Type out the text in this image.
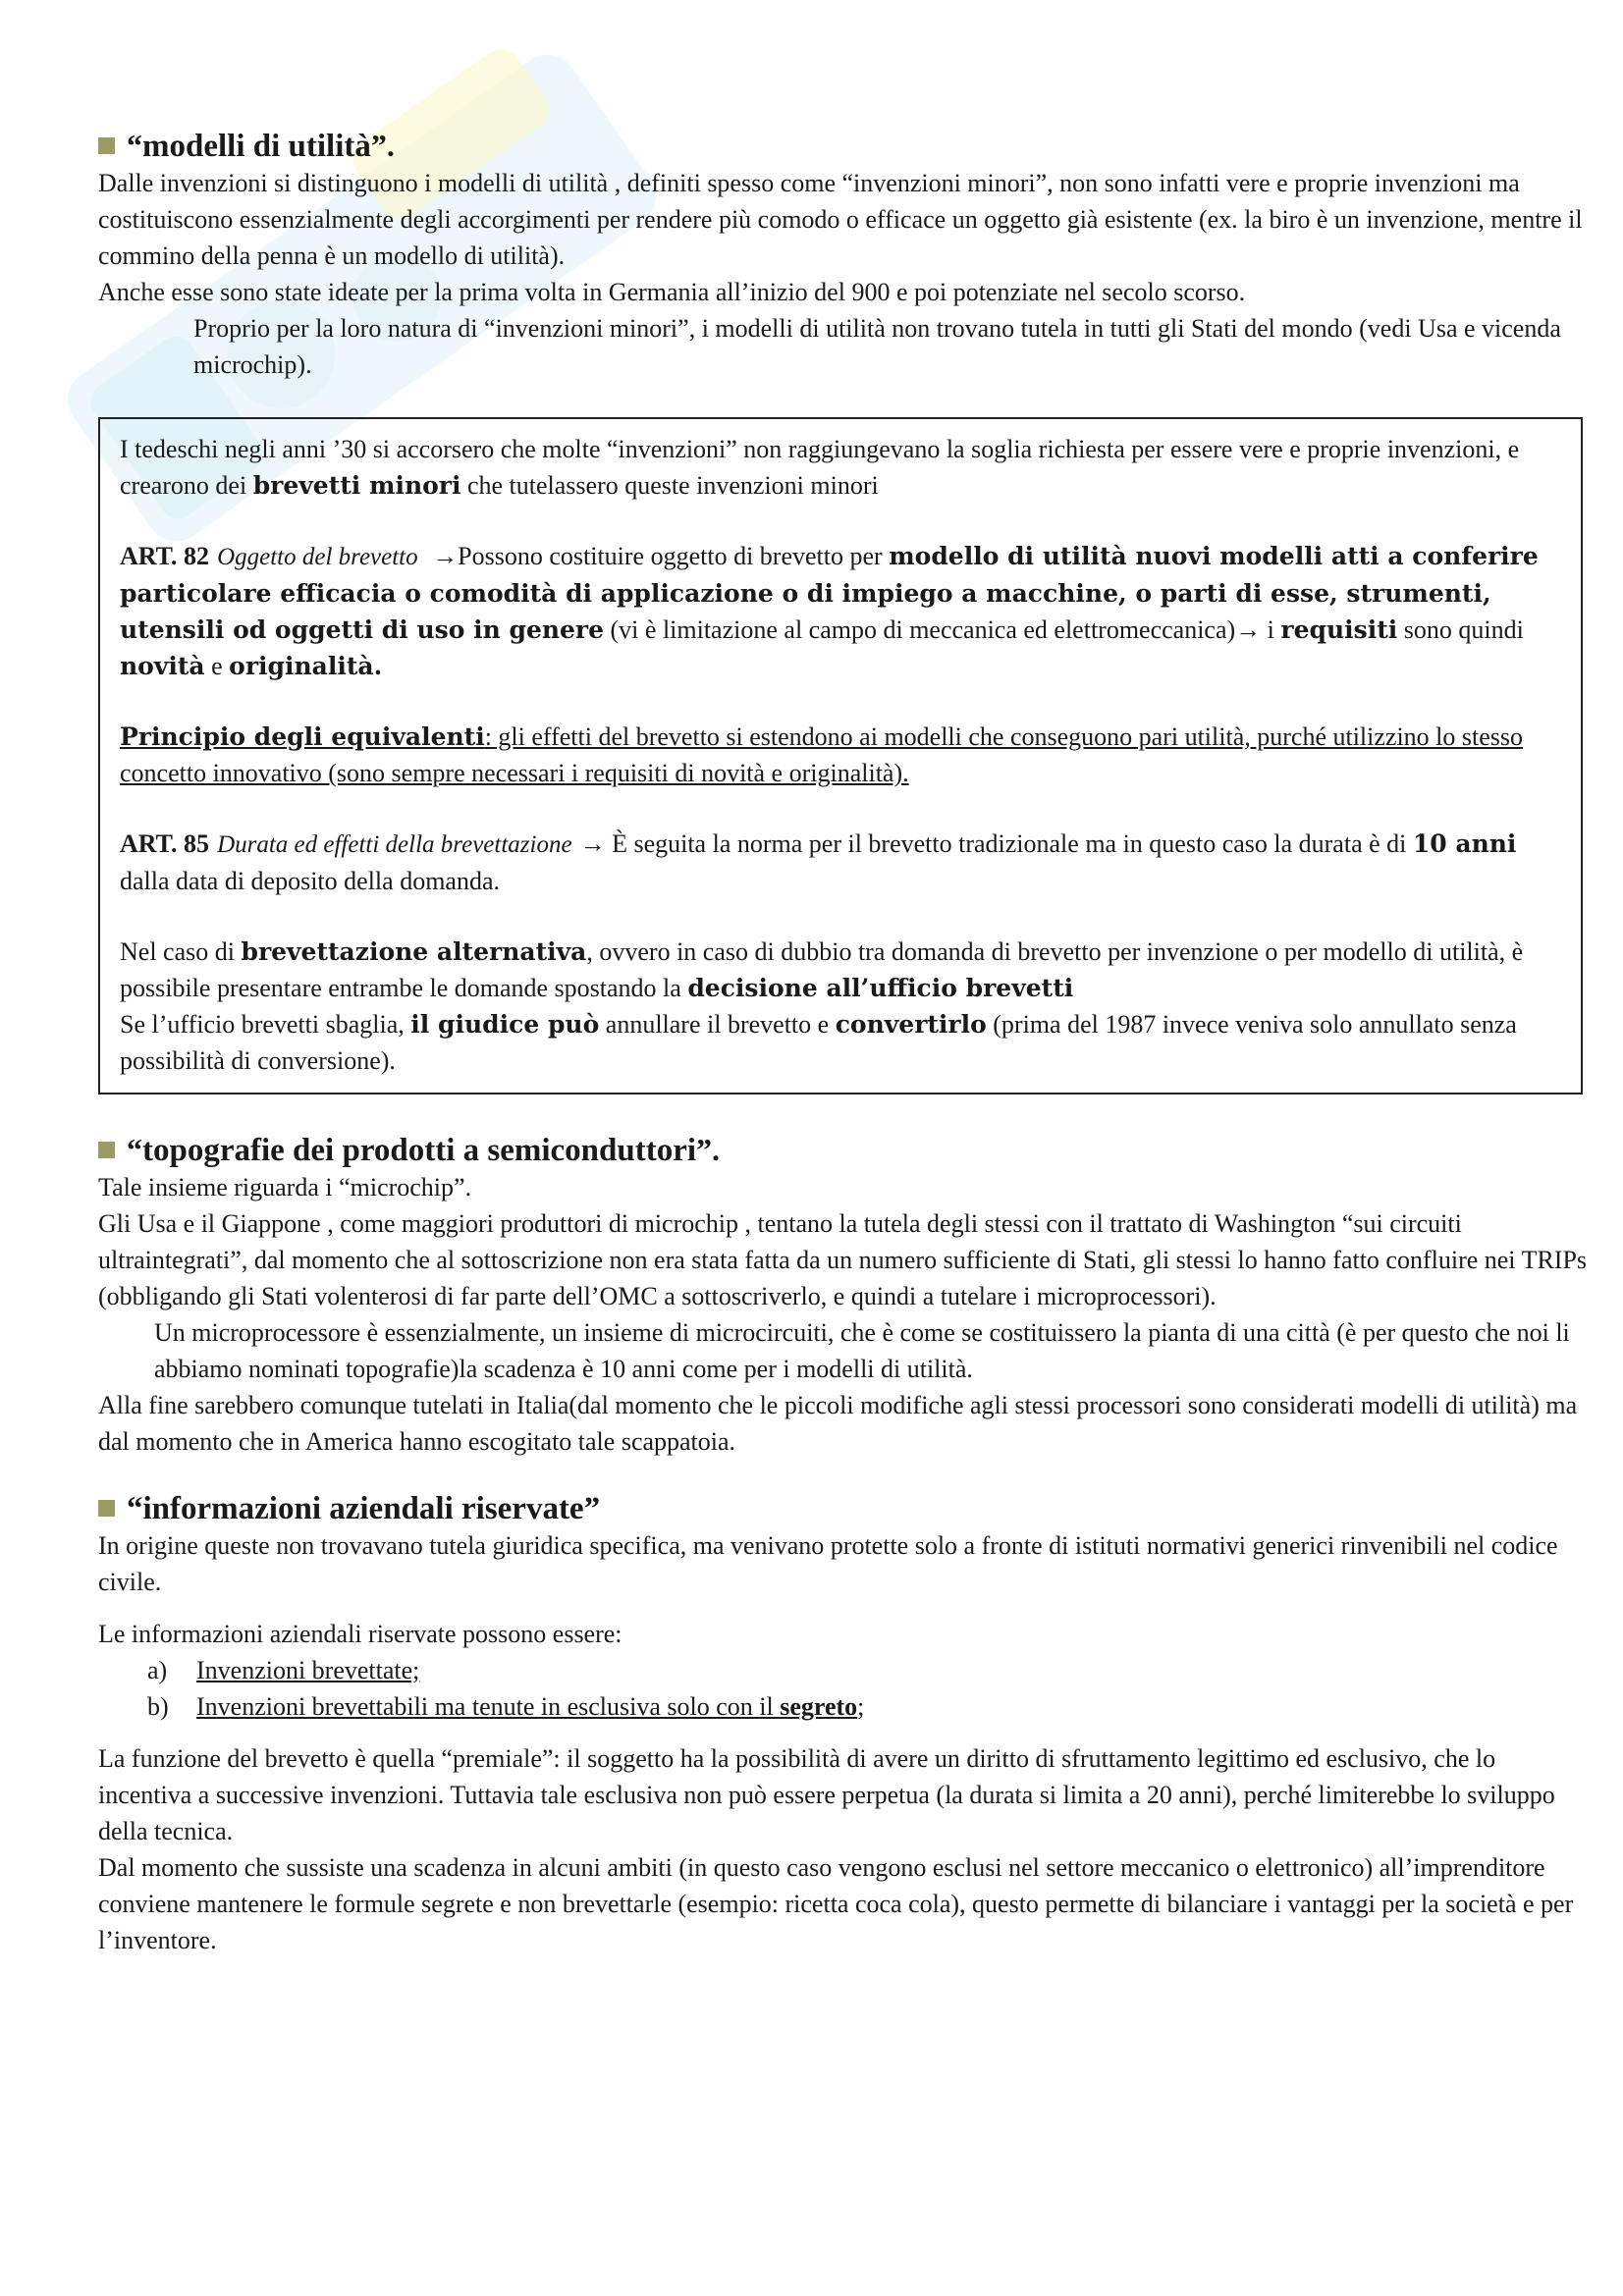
“ modelli di utilità ”.

Dalle invenzioni si distinguono i modelli di utilità , definiti spesso come “invenzioni minori”, non sono infatti vere e proprie invenzioni ma costituiscono essenzialmente degli accorgimenti per rendere più comodo o efficace un oggetto già esistente (ex. la biro è un invenzione, mentre il commino della penna è un modello di utilità).

Anche esse sono state ideate per la prima volta in Germania all’inizio del 900 e poi potenziate nel secolo scorso.

Proprio per la loro natura di “invenzioni minori”, i modelli di utilità non trovano tutela in tutti gli Stati del mondo (vedi Usa e vicenda microchip).

I tedeschi negli anni ’30 si accorsero che molte “invenzioni” non raggiungevano la soglia richiesta per essere vere e proprie invenzioni, e crearono dei brevetti minori che tutelassero queste invenzioni minori

ART. 82 Oggetto del brevetto →Possono costituire oggetto di brevetto per modello di utilità nuovi modelli atti a conferire particolare efficacia o comodità di applicazione o di impiego a macchine, o parti di esse, strumenti, utensili od oggetti di uso in genere (vi è limitazione al campo di meccanica ed elettromeccanica)→ i requisiti sono quindi novità e originalità.

Principio degli equivalenti: gli effetti del brevetto si estendono ai modelli che conseguono pari utilità, purché utilizzino lo stesso concetto innovativo (sono sempre necessari i requisiti di novità e originalità).

ART. 85 Durata ed effetti della brevettazione → È seguita la norma per il brevetto tradizionale ma in questo caso la durata è di 10 anni dalla data di deposito della domanda.

Nel caso di brevettazione alternativa, ovvero in caso di dubbio tra domanda di brevetto per invenzione o per modello di utilità, è possibile presentare entrambe le domande spostando la decisione all’ufficio brevetti

Se l’ufficio brevetti sbaglia, il giudice può annullare il brevetto e convertirlo (prima del 1987 invece veniva solo annullato senza possibilità di conversione).

“ topografie dei prodotti a semiconduttori ”.

Tale insieme riguarda i “microchip”.

Gli Usa e il Giappone , come maggiori produttori di microchip , tentano la tutela degli stessi con il trattato di Washington “sui circuiti ultraintegrati”, dal momento che al sottoscrizione non era stata fatta da un numero sufficiente di Stati, gli stessi lo hanno fatto confluire nei TRIPs (obbligando gli Stati volenterosi di far parte dell’OMC a sottoscriverlo, e quindi a tutelare i microprocessori).

Un microprocessore è essenzialmente, un insieme di microcircuiti, che è come se costituissero la pianta di una città (è per questo che noi li abbiamo nominati topografie)la scadenza è 10 anni come per i modelli di utilità.

Alla fine sarebbero comunque tutelati in Italia(dal momento che le piccoli modifiche agli stessi processori sono considerati modelli di utilità) ma dal momento che in America hanno escogitato tale scappatoia.

“informazioni aziendali riservate”

In origine queste non trovavano tutela giuridica specifica, ma venivano protette solo a fronte di istituti normativi generici rinvenibili nel codice civile.

Le informazioni aziendali riservate possono essere:

a) Invenzioni brevettate;
b) Invenzioni brevettabili ma tenute in esclusiva solo con il segreto;

La funzione del brevetto è quella “premiale”: il soggetto ha la possibilità di avere un diritto di sfruttamento legittimo ed esclusivo, che lo incentiva a successive invenzioni. Tuttavia tale esclusiva non può essere perpetua (la durata si limita a 20 anni), perché limiterebbe lo sviluppo della tecnica.

Dal momento che sussiste una scadenza in alcuni ambiti (in questo caso vengono esclusi nel settore meccanico o elettronico) all’imprenditore conviene mantenere le formule segrete e non brevettarle (esempio: ricetta coca cola), questo permette di bilanciare i vantaggi per la società e per l’inventore.
